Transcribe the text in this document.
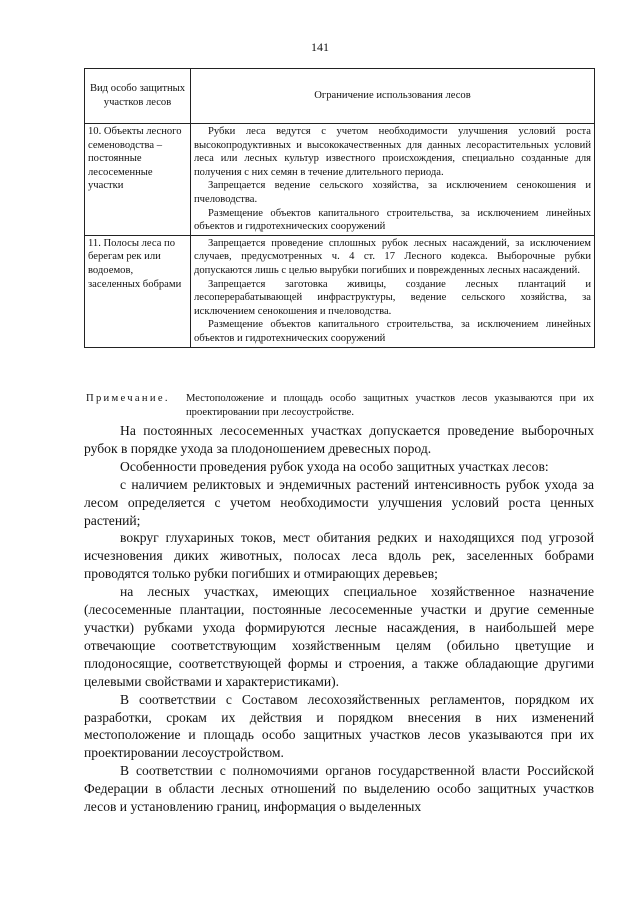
141
Вид особо защитных участков лесов	Ограничение использования лесов
10. Объекты лесного семеноводства – постоянные лесосеменные участки	Рубки леса ведутся с учетом необходимости улучшения условий роста высокопродуктивных и высококачественных для данных лесорастительных условий леса или лесных культур известного происхождения, специально созданные для получения с них семян в течение длительного периода.

Запрещается ведение сельского хозяйства, за исключением сенокошения и пчеловодства.

Размещение объектов капитального строительства, за исключением линейных объектов и гидротехнических сооружений

11. Полосы леса по берегам рек или водоемов, заселенных бобрами	Запрещается проведение сплошных рубок лесных насаждений, за исключением случаев, предусмотренных ч. 4 ст. 17 Лесного кодекса. Выборочные рубки допускаются лишь с целью вырубки погибших и поврежденных лесных насаждений.

Запрещается заготовка живицы, создание лесных плантаций и лесоперерабатывающей инфраструктуры, ведение сельского хозяйства, за исключением сенокошения и пчеловодства.

Размещение объектов капитального строительства, за исключением линейных объектов и гидротехнических сооружений

Примечание.	Местоположение и площадь особо защитных участков лесов указываются при их проектировании при лесоустройстве.

На постоянных лесосеменных участках допускается проведение выборочных рубок в порядке ухода за плодоношением древесных пород.

Особенности проведения рубок ухода на особо защитных участках лесов:

с наличием реликтовых и эндемичных растений интенсивность рубок ухода за лесом определяется с учетом необходимости улучшения условий роста ценных растений;

вокруг глухариных токов, мест обитания редких и находящихся под угрозой исчезновения диких животных, полосах леса вдоль рек, заселенных бобрами проводятся только рубки погибших и отмирающих деревьев;

на лесных участках, имеющих специальное хозяйственное назначение (лесосеменные плантации, постоянные лесосеменные участки и другие семенные участки) рубками ухода формируются лесные насаждения, в наибольшей мере отвечающие соответствующим хозяйственным целям (обильно цветущие и плодоносящие, соответствующей формы и строения, а также обладающие другими целевыми свойствами и характеристиками).

В соответствии с Составом лесохозяйственных регламентов, порядком их разработки, срокам их действия и порядком внесения в них изменений местоположение и площадь особо защитных участков лесов указываются при их проектировании лесоустройством.

В соответствии с полномочиями органов государственной власти Российской Федерации в области лесных отношений по выделению особо защитных участков лесов и установлению границ, информация о выделенных
